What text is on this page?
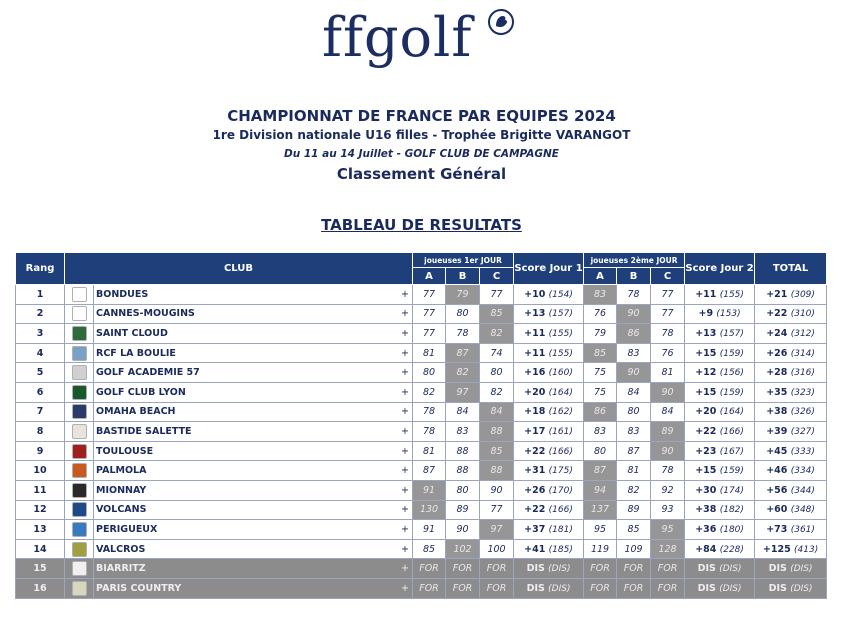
ffgolf
CHAMPIONNAT DE FRANCE PAR EQUIPES 2024
1re Division nationale U16 filles - Trophée Brigitte VARANGOT
Du 11 au 14 Juillet - GOLF CLUB DE CAMPAGNE
Classement Général
TABLEAU DE RESULTATS
Rang	CLUB			joueuses 1er JOUR			Score Jour 1	joueuses 2ème JOUR			Score Jour 2	TOTAL
				A	B	C		A	B	C		
1		BONDUES	+	77	79	77	+10 (154)	83	78	77	+11 (155)	+21 (309)
2		CANNES-MOUGINS	+	77	80	85	+13 (157)	76	90	77	+9 (153)	+22 (310)
3		SAINT CLOUD	+	77	78	82	+11 (155)	79	86	78	+13 (157)	+24 (312)
4		RCF LA BOULIE	+	81	87	74	+11 (155)	85	83	76	+15 (159)	+26 (314)
5		GOLF ACADEMIE 57	+	80	82	80	+16 (160)	75	90	81	+12 (156)	+28 (316)
6		GOLF CLUB LYON	+	82	97	82	+20 (164)	75	84	90	+15 (159)	+35 (323)
7		OMAHA BEACH	+	78	84	84	+18 (162)	86	80	84	+20 (164)	+38 (326)
8		BASTIDE SALETTE	+	78	83	88	+17 (161)	83	83	89	+22 (166)	+39 (327)
9		TOULOUSE	+	81	88	85	+22 (166)	80	87	90	+23 (167)	+45 (333)
10		PALMOLA	+	87	88	88	+31 (175)	87	81	78	+15 (159)	+46 (334)
11		MIONNAY	+	91	80	90	+26 (170)	94	82	92	+30 (174)	+56 (344)
12		VOLCANS	+	130	89	77	+22 (166)	137	89	93	+38 (182)	+60 (348)
13		PERIGUEUX	+	91	90	97	+37 (181)	95	85	95	+36 (180)	+73 (361)
14		VALCROS	+	85	102	100	+41 (185)	119	109	128	+84 (228)	+125 (413)
15		BIARRITZ	+	FOR	FOR	FOR	DIS (DIS)	FOR	FOR	FOR	DIS (DIS)	DIS (DIS)
16		PARIS COUNTRY	+	FOR	FOR	FOR	DIS (DIS)	FOR	FOR	FOR	DIS (DIS)	DIS (DIS)
